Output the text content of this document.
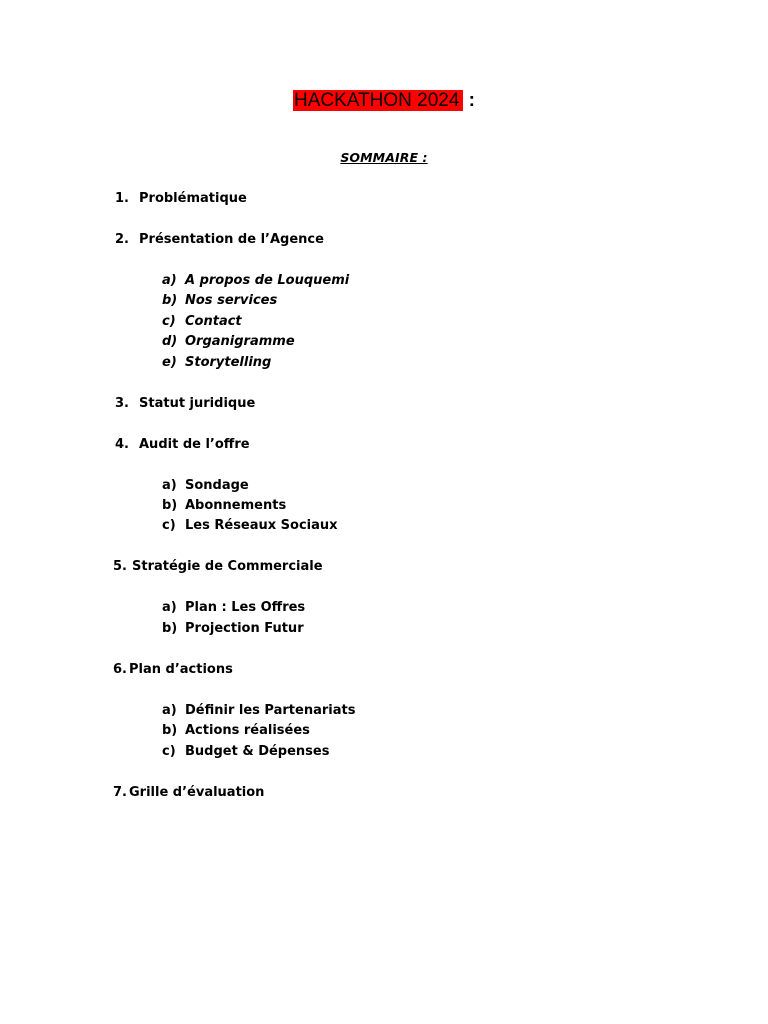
HACKATHON 2024 :
SOMMAIRE :
1. Problématique
2. Présentation de l’Agence
a) A propos de Louquemi
b) Nos services
c) Contact
d) Organigramme
e) Storytelling
3. Statut juridique
4. Audit de l’offre
a) Sondage
b) Abonnements
c) Les Réseaux Sociaux
5. Stratégie de Commerciale
a) Plan : Les Offres
b) Projection Futur
6. Plan d’actions
a) Définir les Partenariats
b) Actions réalisées
c) Budget & Dépenses
7. Grille d’évaluation
